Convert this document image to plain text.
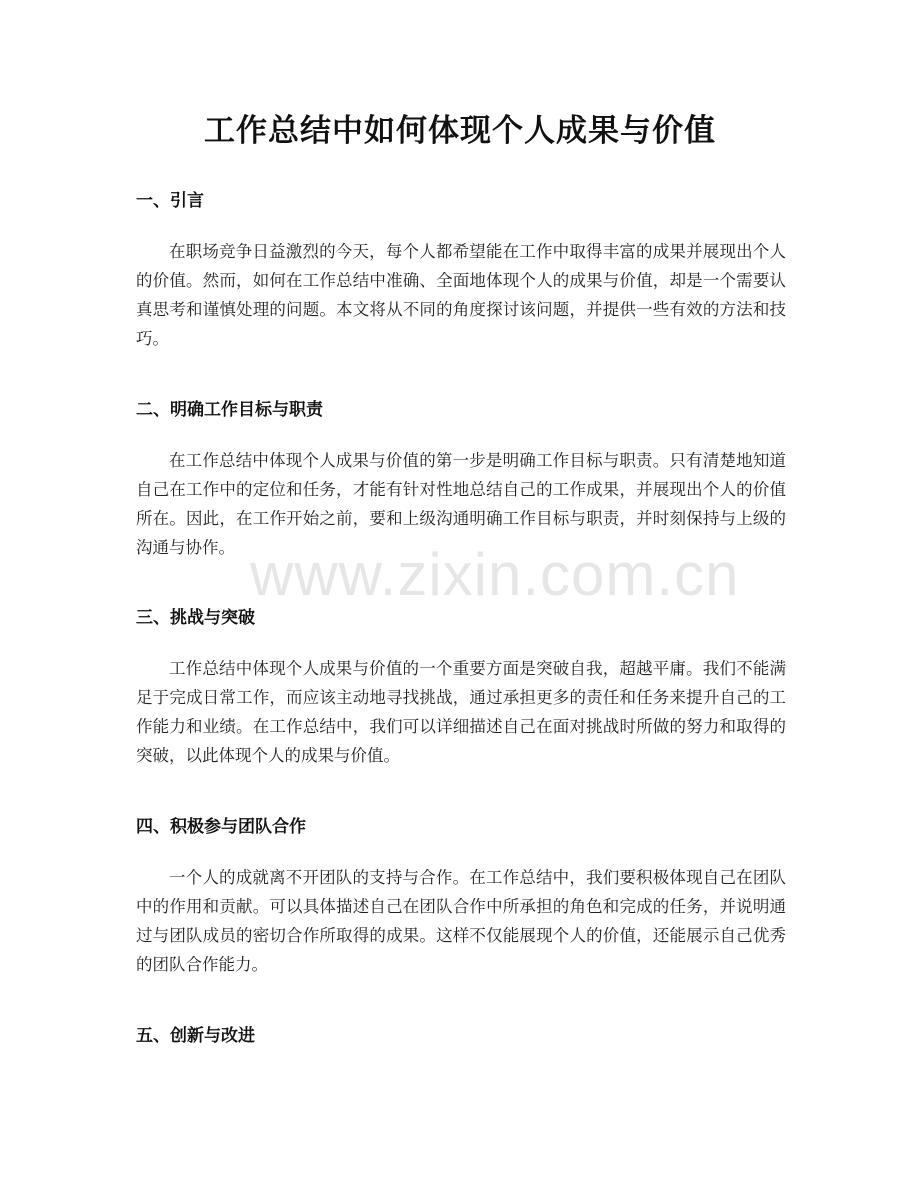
工作总结中如何体现个人成果与价值
一、引言

在职场竞争日益激烈的今天，每个人都希望能在工作中取得丰富的成果并展现出个人的价值。然而，如何在工作总结中准确、全面地体现个人的成果与价值，却是一个需要认真思考和谨慎处理的问题。本文将从不同的角度探讨该问题，并提供一些有效的方法和技巧。

二、明确工作目标与职责

在工作总结中体现个人成果与价值的第一步是明确工作目标与职责。只有清楚地知道自己在工作中的定位和任务，才能有针对性地总结自己的工作成果，并展现出个人的价值所在。因此，在工作开始之前，要和上级沟通明确工作目标与职责，并时刻保持与上级的沟通与协作。

三、挑战与突破

工作总结中体现个人成果与价值的一个重要方面是突破自我，超越平庸。我们不能满足于完成日常工作，而应该主动地寻找挑战，通过承担更多的责任和任务来提升自己的工作能力和业绩。在工作总结中，我们可以详细描述自己在面对挑战时所做的努力和取得的突破，以此体现个人的成果与价值。

四、积极参与团队合作

一个人的成就离不开团队的支持与合作。在工作总结中，我们要积极体现自己在团队中的作用和贡献。可以具体描述自己在团队合作中所承担的角色和完成的任务，并说明通过与团队成员的密切合作所取得的成果。这样不仅能展现个人的价值，还能展示自己优秀的团队合作能力。

五、创新与改进
www.zixin.com.cn
